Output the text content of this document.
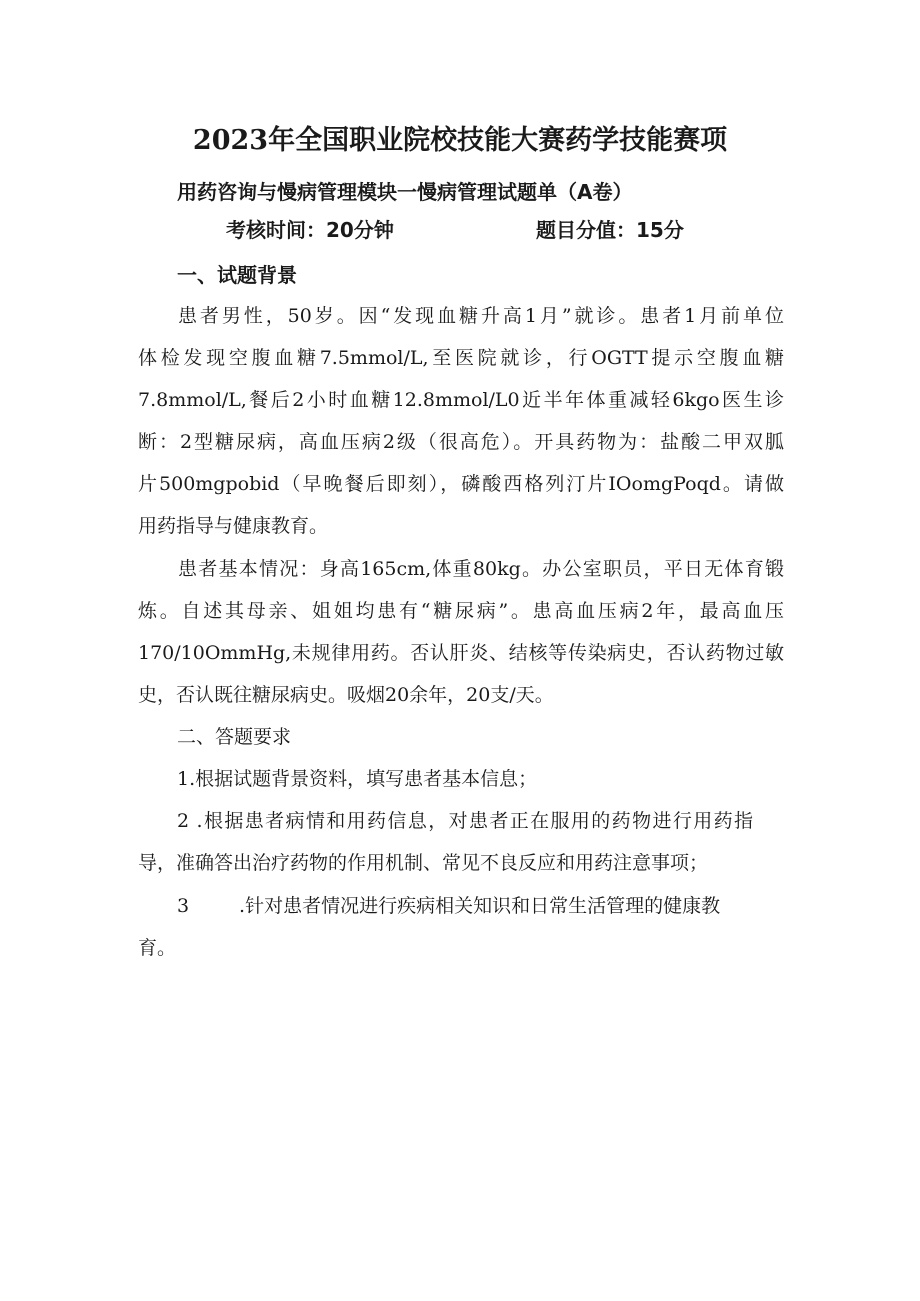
2023年全国职业院校技能大赛药学技能赛项
用药咨询与慢病管理模块一慢病管理试题单（A卷）
考核时间：20分钟	题目分值：15分
一、试题背景
患者男性，50岁。因“发现血糖升高1月”就诊。患者1月前单位
体检发现空腹血糖7.5mmol/L,至医院就诊，行OGTT提示空腹血糖
7.8mmol/L,餐后2小时血糖12.8mmol/L0近半年体重减轻6kgo医生诊
断：2型糖尿病，高血压病2级（很高危）。开具药物为：盐酸二甲双胍
片500mgpobid（早晚餐后即刻），磷酸西格列汀片IOomgPoqd。请做
用药指导与健康教育。
患者基本情况：身高165cm,体重80kg。办公室职员，平日无体育锻
炼。自述其母亲、姐姐均患有“糖尿病”。患高血压病2年，最高血压
170/10OmmHg,未规律用药。否认肝炎、结核等传染病史，否认药物过敏
史，否认既往糖尿病史。吸烟20余年，20支/天。
二、答题要求
1.根据试题背景资料，填写患者基本信息；
2 .根据患者病情和用药信息，对患者正在服用的药物进行用药指
导，准确答出治疗药物的作用机制、常见不良反应和用药注意事项；
3	.针对患者情况进行疾病相关知识和日常生活管理的健康教
育。
